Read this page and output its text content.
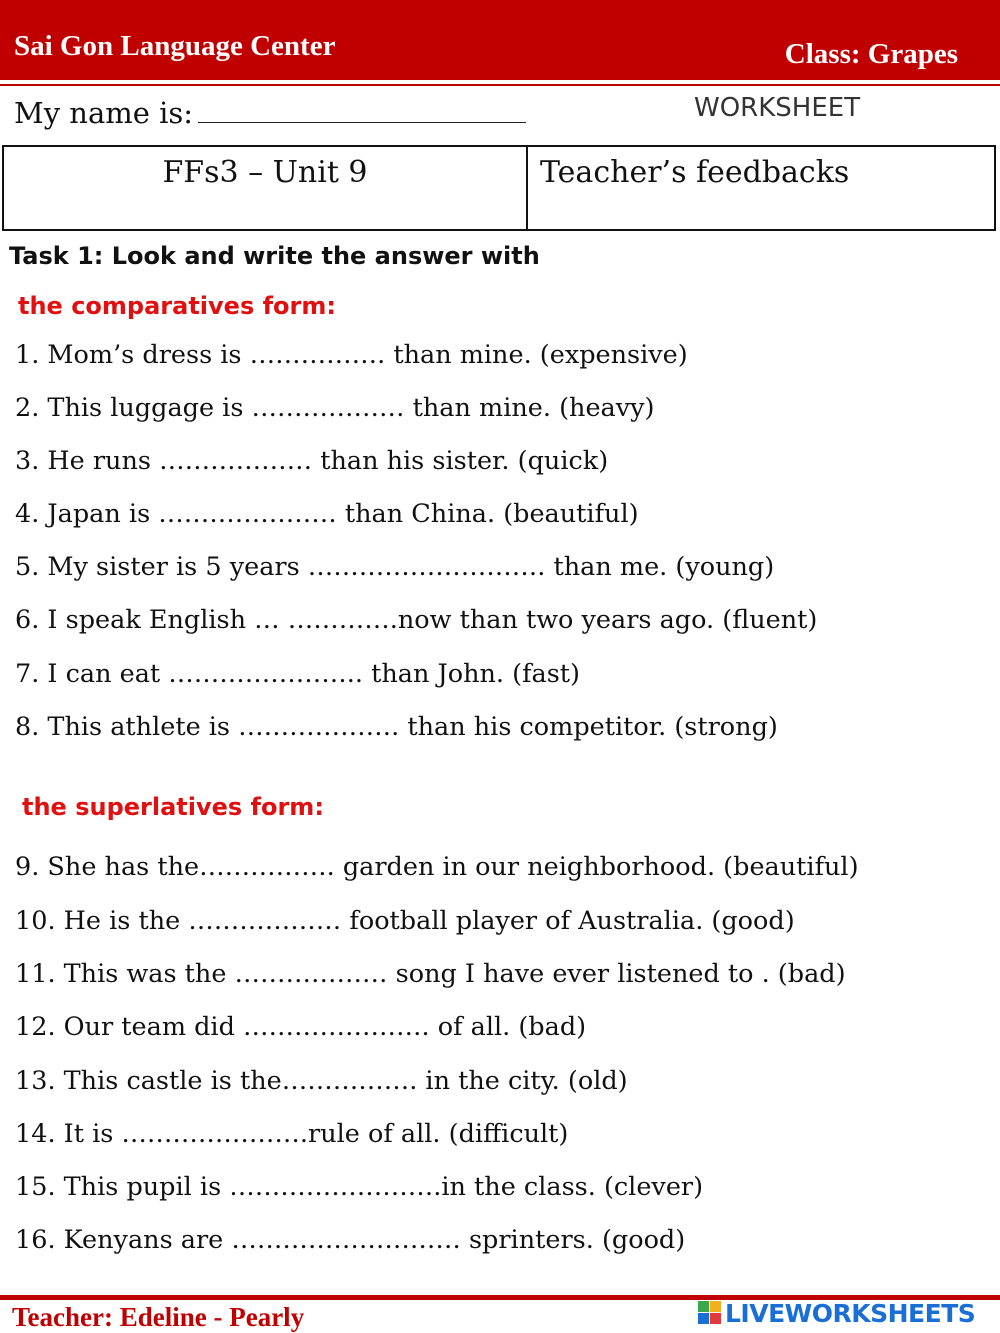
Sai Gon Language Center	Class: Grapes
My name is:	WORKSHEET
FFs3 – Unit 9	Teacher’s feedbacks
Task 1: Look and write the answer with
the comparatives form:
1. Mom’s dress is ……………. than mine. (expensive)
2. This luggage is ……………… than mine. (heavy)
3. He runs ……………… than his sister. (quick)
4. Japan is ………………… than China. (beautiful)
5. My sister is 5 years ………………………. than me. (young)
6. I speak English … ………….now than two years ago. (fluent)
7. I can eat ………………….. than John. (fast)
8. This athlete is ………………. than his competitor. (strong)
the superlatives form:
9. She has the……………. garden in our neighborhood. (beautiful)
10. He is the ……………… football player of Australia. (good)
11. This was the ……………… song I have ever listened to . (bad)
12. Our team did …………………. of all. (bad)
13. This castle is the……………. in the city. (old)
14. It is ………………….rule of all. (difficult)
15. This pupil is …………………….in the class. (clever)
16. Kenyans are ……………………… sprinters. (good)
Teacher: Edeline - Pearly	LIVEWORKSHEETS
